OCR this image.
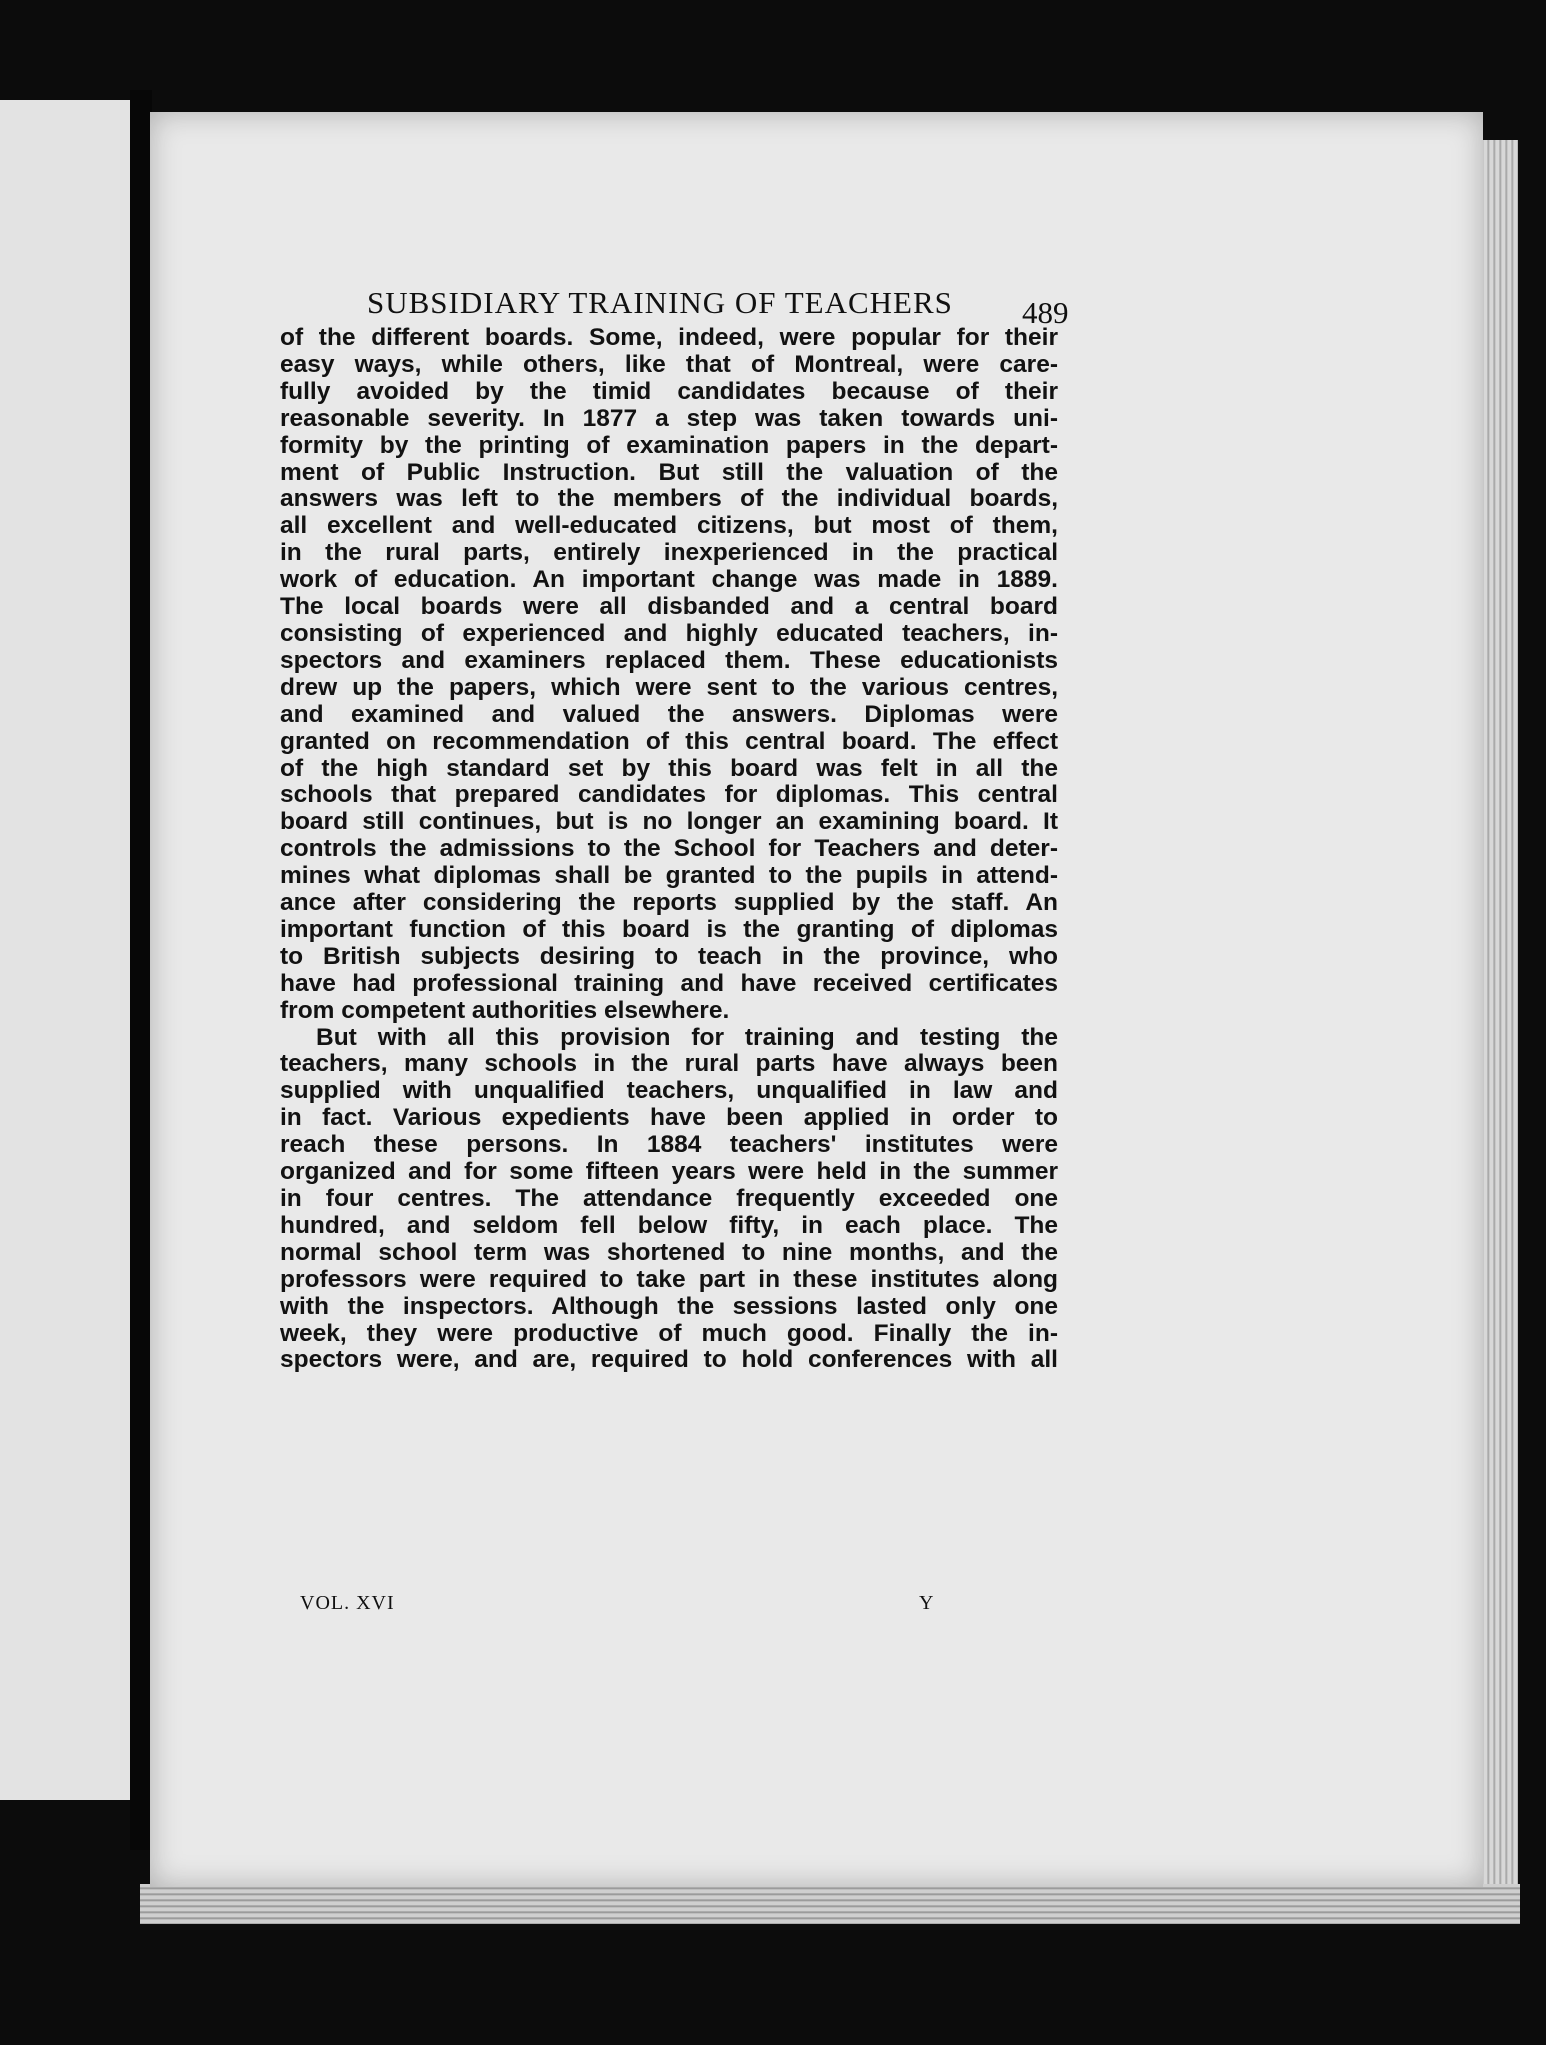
SUBSIDIARY TRAINING OF TEACHERS	489
of the different boards. Some, indeed, were popular for their
easy ways, while others, like that of Montreal, were care-
fully avoided by the timid candidates because of their
reasonable severity. In 1877 a step was taken towards uni-
formity by the printing of examination papers in the depart-
ment of Public Instruction. But still the valuation of the
answers was left to the members of the individual boards,
all excellent and well-educated citizens, but most of them,
in the rural parts, entirely inexperienced in the practical
work of education. An important change was made in 1889.
The local boards were all disbanded and a central board
consisting of experienced and highly educated teachers, in-
spectors and examiners replaced them. These educationists
drew up the papers, which were sent to the various centres,
and examined and valued the answers. Diplomas were
granted on recommendation of this central board. The effect
of the high standard set by this board was felt in all the
schools that prepared candidates for diplomas. This central
board still continues, but is no longer an examining board. It
controls the admissions to the School for Teachers and deter-
mines what diplomas shall be granted to the pupils in attend-
ance after considering the reports supplied by the staff. An
important function of this board is the granting of diplomas
to British subjects desiring to teach in the province, who
have had professional training and have received certificates
from competent authorities elsewhere.
But with all this provision for training and testing the
teachers, many schools in the rural parts have always been
supplied with unqualified teachers, unqualified in law and
in fact. Various expedients have been applied in order to
reach these persons. In 1884 teachers' institutes were
organized and for some fifteen years were held in the summer
in four centres. The attendance frequently exceeded one
hundred, and seldom fell below fifty, in each place. The
normal school term was shortened to nine months, and the
professors were required to take part in these institutes along
with the inspectors. Although the sessions lasted only one
week, they were productive of much good. Finally the in-
spectors were, and are, required to hold conferences with all
VOL. XVI	Y
